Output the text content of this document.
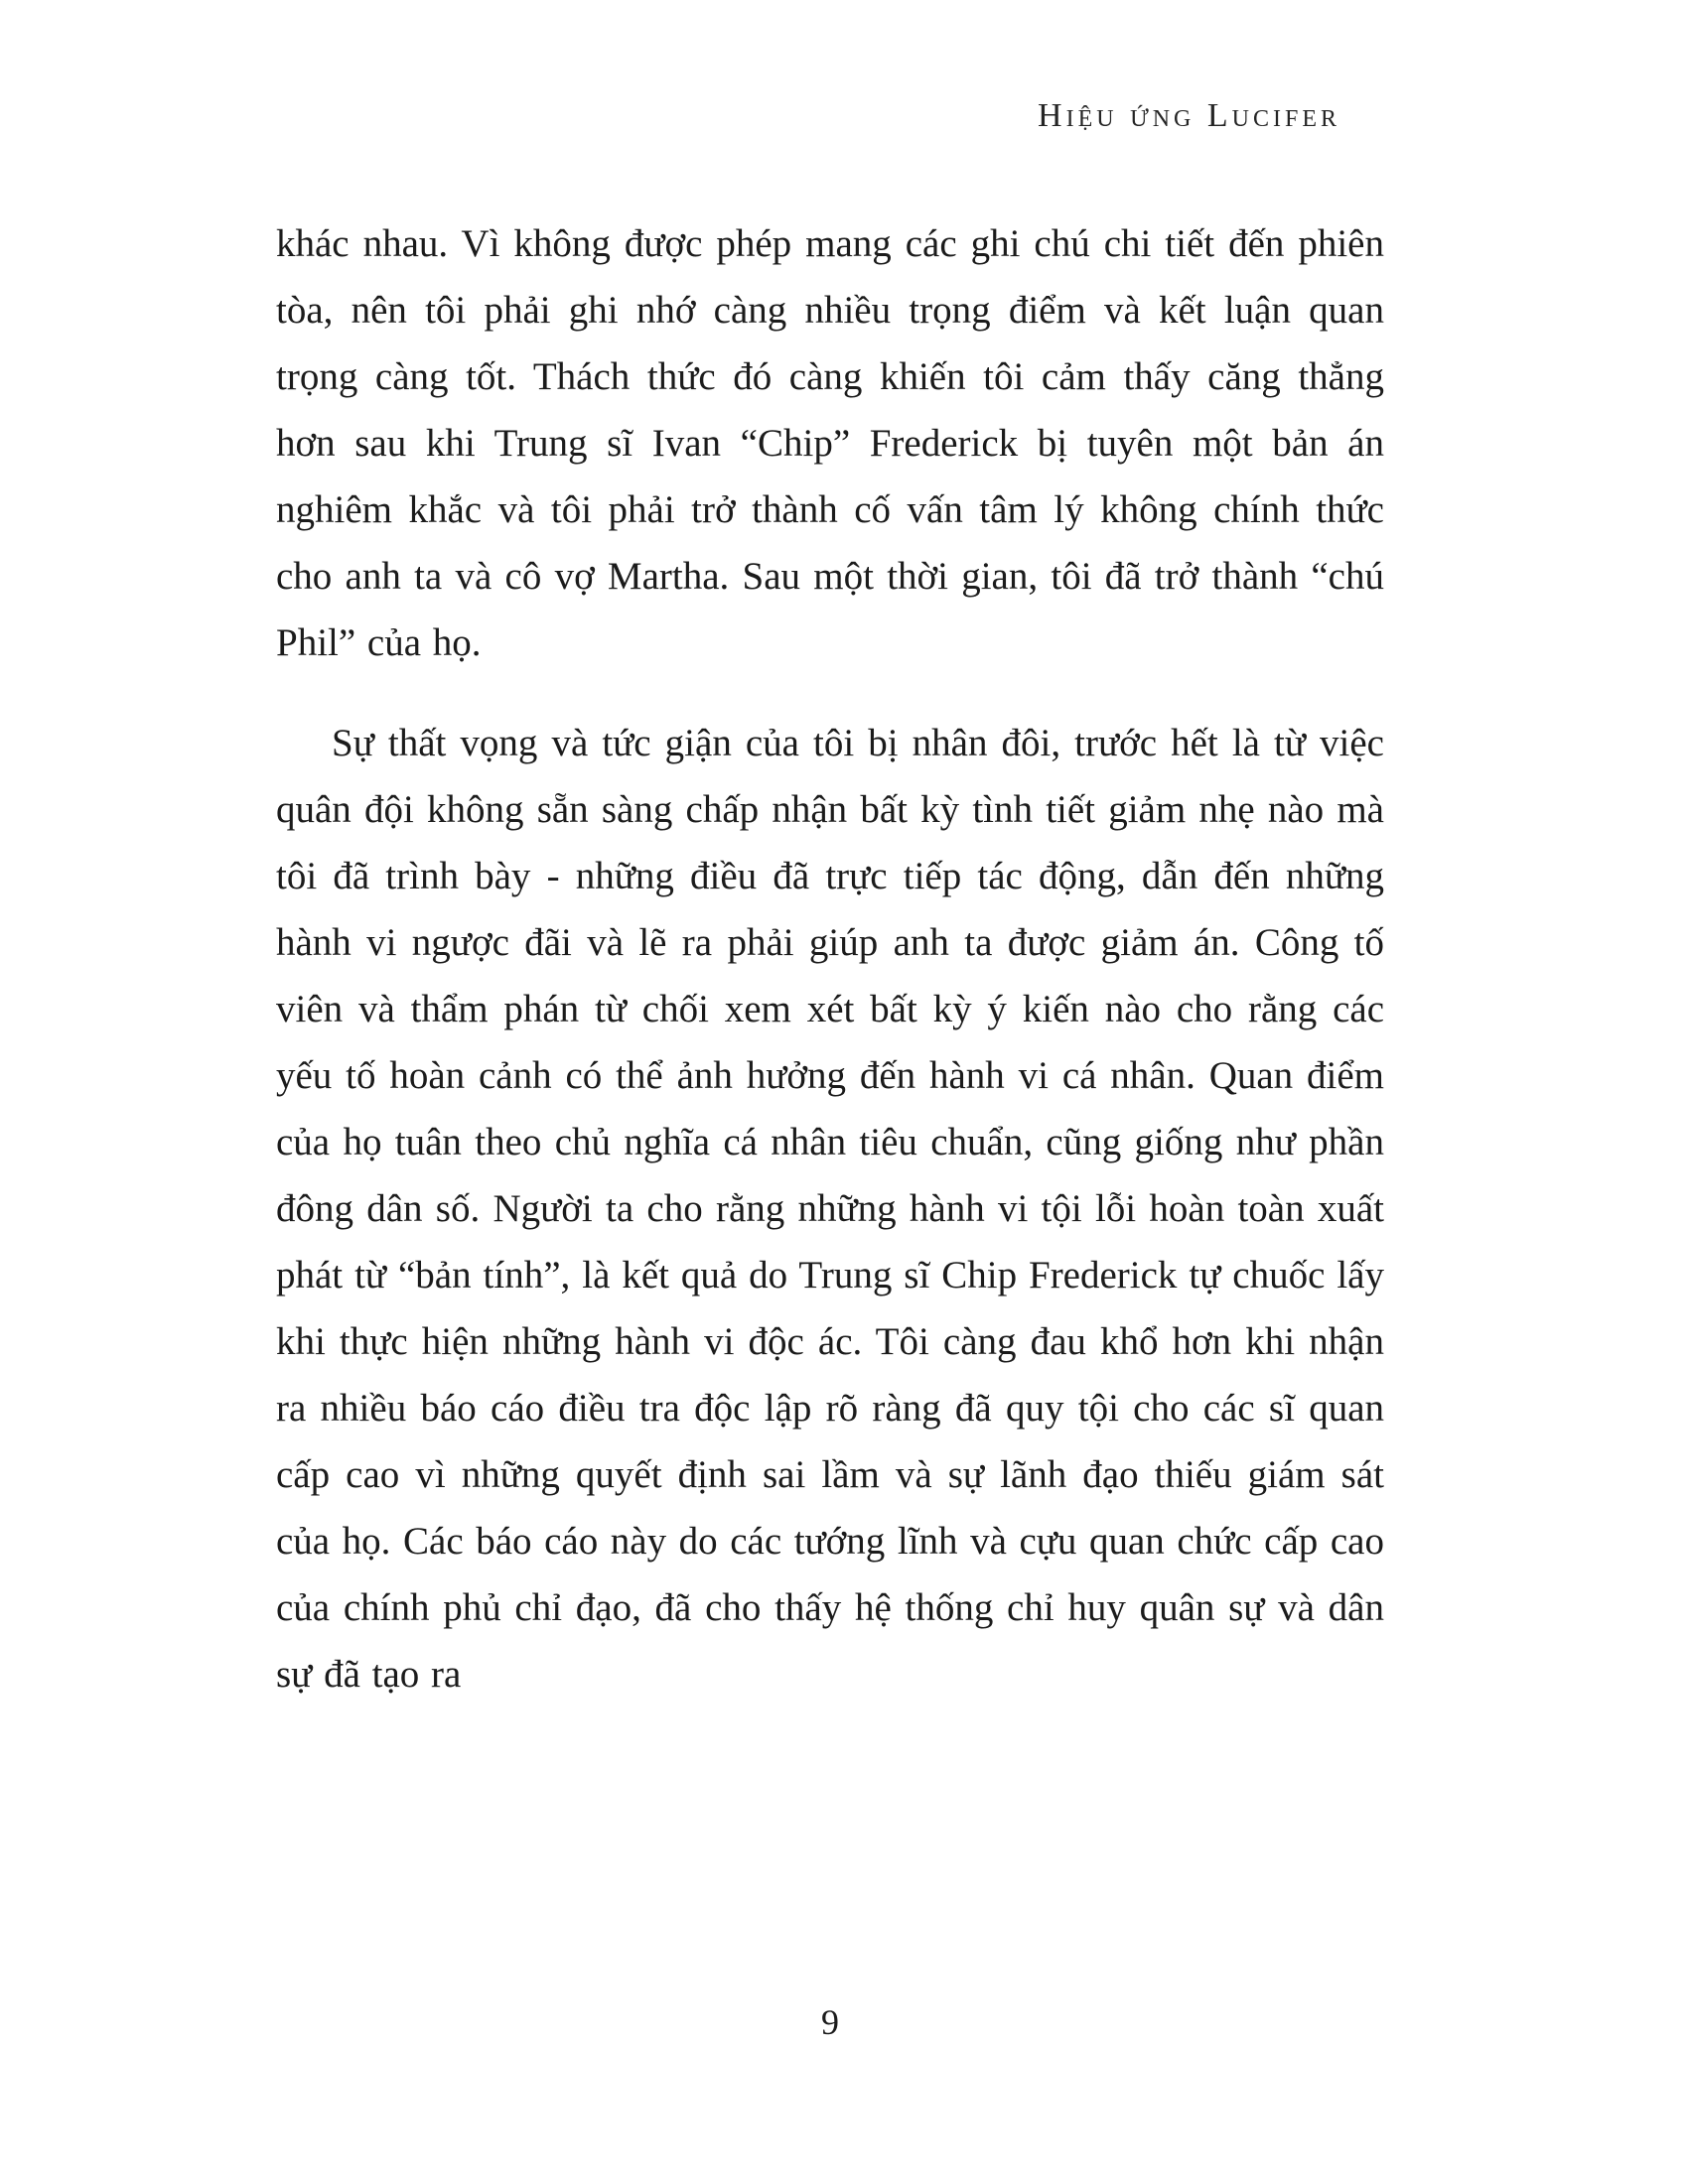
Hiệu ứng Lucifer

khác nhau. Vì không được phép mang các ghi chú chi tiết đến phiên tòa, nên tôi phải ghi nhớ càng nhiều trọng điểm và kết luận quan trọng càng tốt. Thách thức đó càng khiến tôi cảm thấy căng thẳng hơn sau khi Trung sĩ Ivan “Chip” Frederick bị tuyên một bản án nghiêm khắc và tôi phải trở thành cố vấn tâm lý không chính thức cho anh ta và cô vợ Martha. Sau một thời gian, tôi đã trở thành “chú Phil” của họ.

Sự thất vọng và tức giận của tôi bị nhân đôi, trước hết là từ việc quân đội không sẵn sàng chấp nhận bất kỳ tình tiết giảm nhẹ nào mà tôi đã trình bày - những điều đã trực tiếp tác động, dẫn đến những hành vi ngược đãi và lẽ ra phải giúp anh ta được giảm án. Công tố viên và thẩm phán từ chối xem xét bất kỳ ý kiến nào cho rằng các yếu tố hoàn cảnh có thể ảnh hưởng đến hành vi cá nhân. Quan điểm của họ tuân theo chủ nghĩa cá nhân tiêu chuẩn, cũng giống như phần đông dân số. Người ta cho rằng những hành vi tội lỗi hoàn toàn xuất phát từ “bản tính”, là kết quả do Trung sĩ Chip Frederick tự chuốc lấy khi thực hiện những hành vi độc ác. Tôi càng đau khổ hơn khi nhận ra nhiều báo cáo điều tra độc lập rõ ràng đã quy tội cho các sĩ quan cấp cao vì những quyết định sai lầm và sự lãnh đạo thiếu giám sát của họ. Các báo cáo này do các tướng lĩnh và cựu quan chức cấp cao của chính phủ chỉ đạo, đã cho thấy hệ thống chỉ huy quân sự và dân sự đã tạo ra

9
